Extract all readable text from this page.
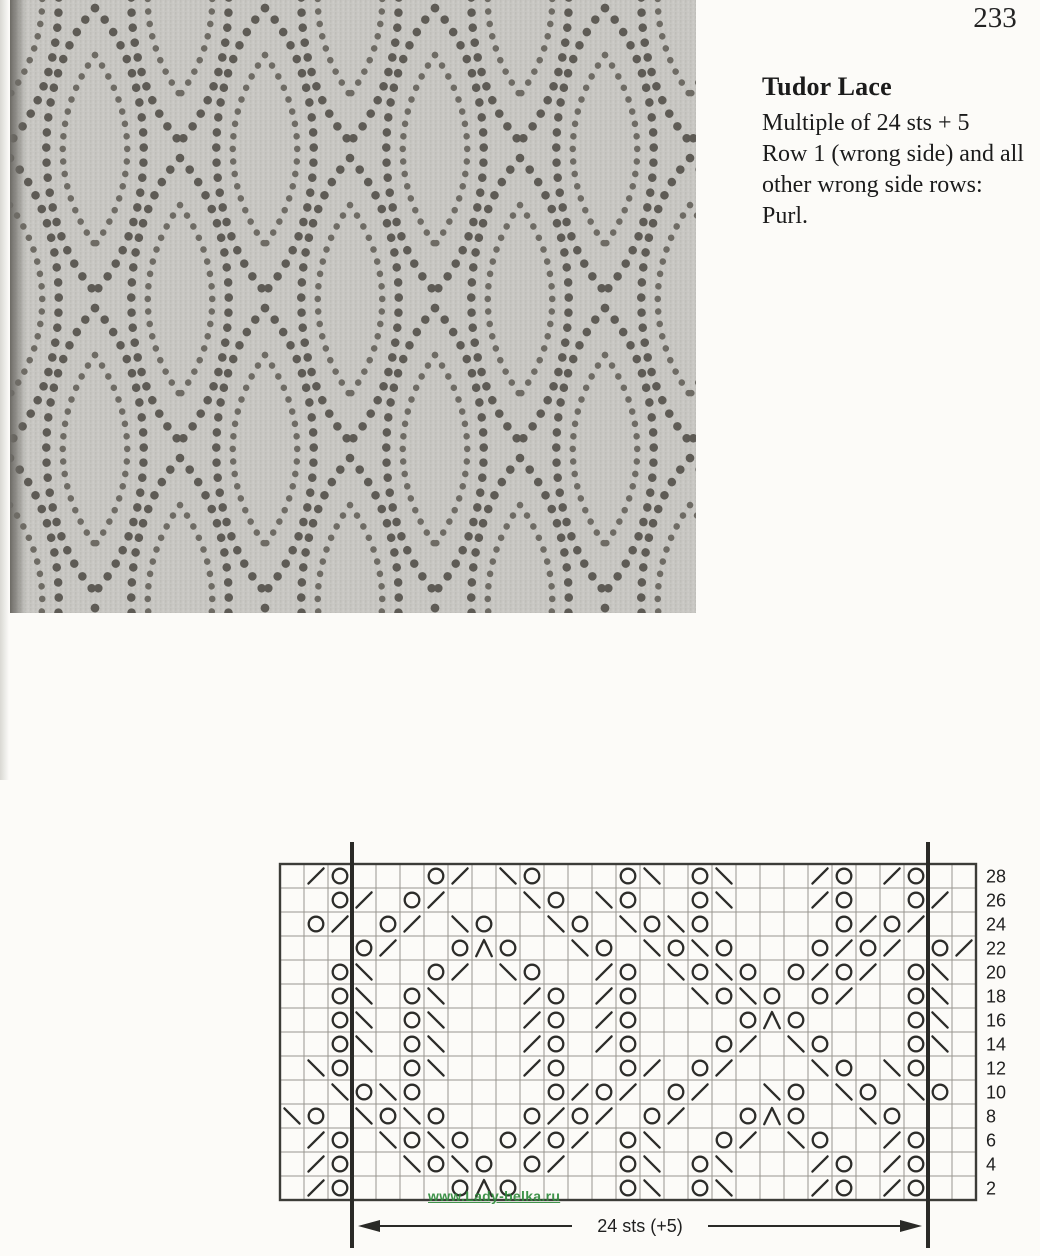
233

Tudor Lace

Multiple of 24 sts + 5

Row 1 (wrong side) and all

other wrong side rows: Purl.

28
26
24
22
20
18
16
14
12
10
8
6
4
2
24 sts (+5)
www.Lady-belka.ru
